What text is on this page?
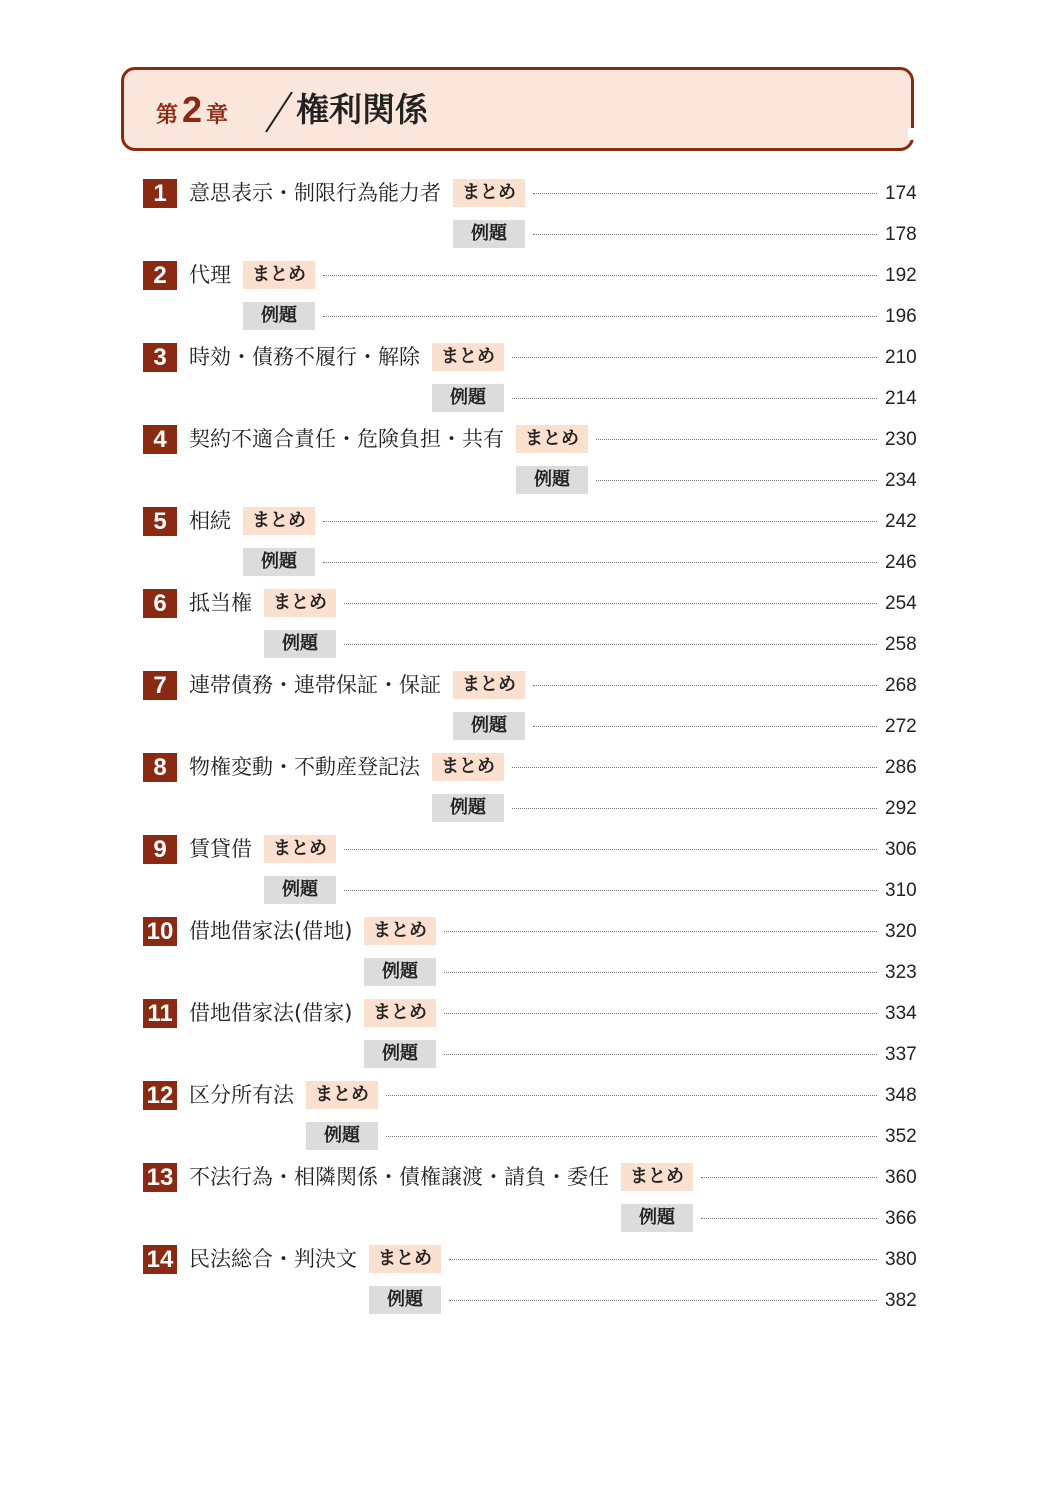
第 2 章 権利関係
1	意思表示・制限行為能力者	まとめ	174
例題	178
2	代理	まとめ	192
例題	196
3	時効・債務不履行・解除	まとめ	210
例題	214
4	契約不適合責任・危険負担・共有	まとめ	230
例題	234
5	相続	まとめ	242
例題	246
6	抵当権	まとめ	254
例題	258
7	連帯債務・連帯保証・保証	まとめ	268
例題	272
8	物権変動・不動産登記法	まとめ	286
例題	292
9	賃貸借	まとめ	306
例題	310
10 借地借家法(借地)	まとめ	320
例題	323
11 借地借家法(借家)	まとめ	334
例題	337
12 区分所有法	まとめ	348
例題	352
13 不法行為・相隣関係・債権譲渡・請負・委任	まとめ	360
例題	366
14 民法総合・判決文	まとめ	380
例題	382
